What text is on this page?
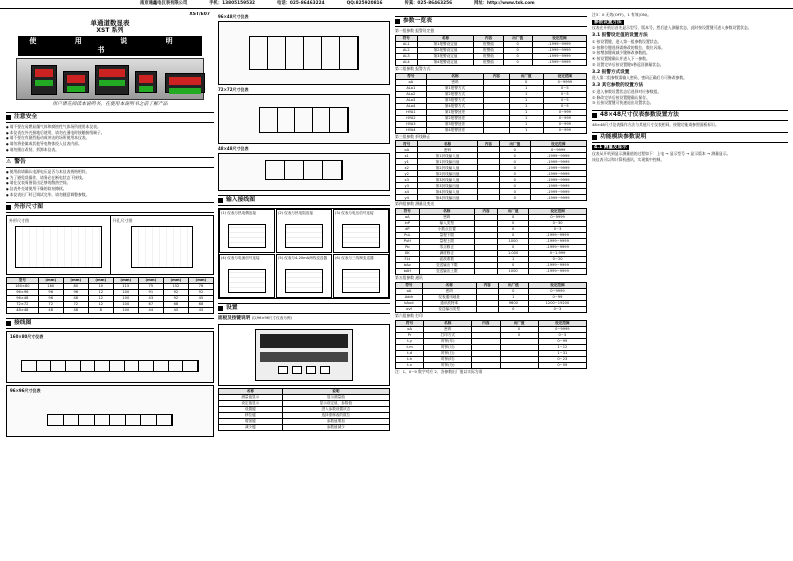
南京通鑫电仪表有限公司	手机：13805159532	电话：025-86463224	QQ:825920816	传真：025-86463256	网址：http://www.txk.com
XST/E07
单通道数显表
XST 系列
使 用 说 明 书
用户请先阅读本说明书，在使用本说明书之前了解产品
注意安全
● 请不要在易燃易爆气体和腐蚀性气体场所使用本仪表。
● 本仪表在外壳接地后使用，请勿在通电时接触接线端子。
● 请不要在有剧烈振动或冲击的场所使用本仪表。
● 请勿将金属或其他导电物体投入仪表内部。
● 请勿擅自改装、拆卸本仪表。
⚠ 警告
● 使用前请确认电源电压是否与本仪表规格相符。
● 为了避免误操作，请务必在断电状态下接线。
● 请在仪表周围留出足够的散热空间。
● 仪表外壳请使用干燥的软布擦拭。
● 本仪表出厂时已调试完毕，请勿随意调整参数。
外形尺寸图
外形尺寸图	开孔尺寸图
型号	(mm)	(mm)	(mm)	(mm)	(mm)	(mm)	(mm)
160×80	160	80	10	115	75	152	76
96×96	96	96	12	100	91	92	92
96×48	96	48	12	100	43	92	45
72×72	72	72	12	100	67	68	68
48×48	48	48	8	100	44	45	45
接线图
160×80尺寸仪表
96×96尺寸仪表
96×48尺寸仪表
72×72尺寸仪表
48×48尺寸仪表
输入接线图
(1) 仪表与热电偶连接	(2) 仪表与热电阻连接	(3) 仪表与电压信号连接
(4) 仪表与电流信号连接	(5) 仪表与4-20mA两线变送器	(6) 仪表与三线制变送器
设置
面板及按键说明 (以96×96尺寸仪表为例)
名称	说明
测量值显示	显示测量值
设定值显示	显示设定值、参数值
设置键	进入参数设置状态
移位键	选择需修改的数位
增加键	参数值增加
减少键	参数值减少
参数一览表
第一组参数 报警设定值
符号	名称	内容	出厂值	设定范围
AL1	第1报警设定值	报警值	0	-1999~9999
AL2	第2报警设定值	报警值	0	-1999~9999
AL3	第3报警设定值	报警值	0	-1999~9999
AL4	第4报警设定值	报警值	0	-1999~9999
第二组参数 报警方式
符号	名称	内容	出厂值	设定范围
oA	密码		0	0~9999
ALo1	第1报警方式		1	0~5
ALo2	第2报警方式		1	0~5
ALo3	第3报警方式		1	0~5
ALo4	第4报警方式		1	0~5
HYA1	第1报警回差		1	0~999
HYA2	第2报警回差		1	0~999
HYA3	第3报警回差		1	0~999
HYA4	第4报警回差		1	0~999
第三组参数 折线修正
符号	名称	内容	出厂值	设定范围
oA	密码		0	0~9999
x1	第1折线输入值		0	-1999~9999
y1	第1折线输出值		0	-1999~9999
x2	第2折线输入值		0	-1999~9999
y2	第2折线输出值		0	-1999~9999
x3	第3折线输入值		0	-1999~9999
y3	第3折线输出值		0	-1999~9999
x4	第4折线输入值		0	-1999~9999
y4	第4折线输出值		0	-1999~9999
第四组参数 测量及变送
符号	名称	内容	出厂值	设定范围
oA	密码		0	0~9999
inP	输入类型		0	0~30
dP	小数点位置		0	0~3
PuL	量程下限		0	-1999~9999
PuH	量程上限		1000	-1999~9999
Pb	零点修正		0	-1999~9999
KK	满度修正		1.000	0~1.999
FLt	滤波系数		1	0~20
bAo	变送输出下限		0	-1999~9999
bAH	变送输出上限		1000	-1999~9999
第五组参数 通讯
符号	名称	内容	出厂值	设定范围
oA	密码		0	0~9999
Addr	仪表通讯地址		1	0~99
bAud	通讯波特率		9600	1200~19200
ovf	变送输出类型		0	0~3
第六组参数 打印
符号	名称	内容	出厂值	设定范围
oA	密码		0	0~9999
Pr	打印方式		0	0~3
t-y	时钟(年)			0~99
t-m	时钟(月)			1~12
t-d	时钟(日)			1~31
t-h	时钟(时)			0~23
t-n	时钟(分)			0~59
注：1、0~9 数字对应 2、各参数出厂值以实际为准
注3：0 无效(OFF)，1 有效(ON)。
参数设置方法
仪表在开机后首先显示型号、版本号，然后进入测量状态，此时按设置键可进入参数设置状态。
3.1 报警设定值的设置方法
① 按设置键，进入第一组参数设置状态。
② 按移位键选择需修改的数位，数位闪烁。
③ 按增加键或减少键修改参数值。
④ 按设置键确认并进入下一参数。
⑤ 设置完毕后按设置键5秒返回测量状态。
3.2 报警方式设置
进入第二组参数需输入密码，密码正确后方可修改参数。
3.3 其它参数的设置方法
① 进入参数设置状态后选择对应参数组。
② 修改完毕后按设置键确认保存。
③ 长按设置键可快速退出设置状态。
48×48尺寸仪表参数设置方法
48×48尺寸仪表操作方法与其他尺寸仪表相同，按键功能请参照面板标识。
功能模块参数说明
4.1 测量及显示
仪表从开机到显示测量值的过程如下：上电 → 显示型号 → 显示版本 → 测量显示。
该仪表可以和计算机通讯，实现集中控制。
